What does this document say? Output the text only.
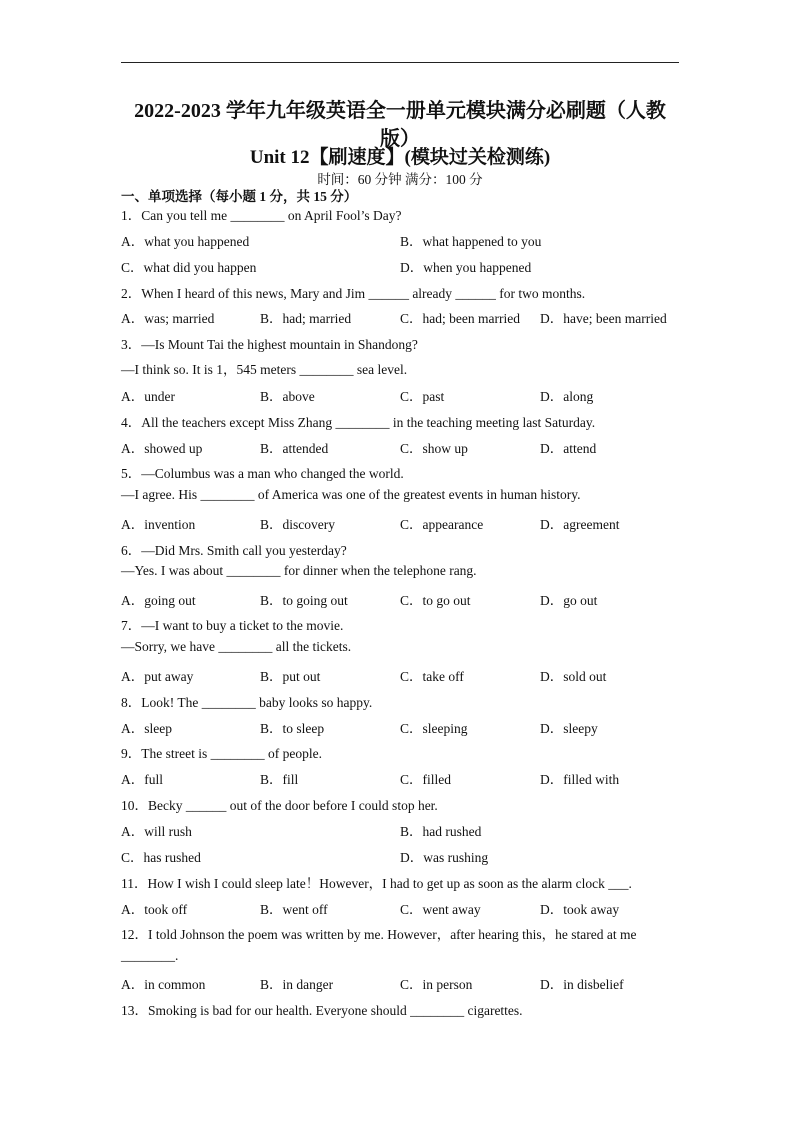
2022-2023 学年九年级英语全一册单元模块满分必刷题（人教
版）
Unit 12【刷速度】(模块过关检测练)
时间：60 分钟 满分：100 分
一、单项选择（每小题 1 分，共 15 分）
1．Can you tell me ________ on April Fool’s Day?
A．what you happened	B．what happened to you
C．what did you happen	D．when you happened
2．When I heard of this news, Mary and Jim ______ already ______ for two months.
A．was; married	B．had; married	C．had; been married D．have; been married
3．—Is Mount Tai the highest mountain in Shandong?
—I think so. It is 1，545 meters ________ sea level.
A．under	B．above	C．past	D．along
4．All the teachers except Miss Zhang ________ in the teaching meeting last Saturday.
A．showed up	B．attended	C．show up	D．attend
5．—Columbus was a man who changed the world.
—I agree. His ________ of America was one of the greatest events in human history.
A．invention	B．discovery	C．appearance	D．agreement
6．—Did Mrs. Smith call you yesterday?
—Yes. I was about ________ for dinner when the telephone rang.
A．going out	B．to going out	C．to go out	D．go out
7．—I want to buy a ticket to the movie.
—Sorry, we have ________ all the tickets.
A．put away	B．put out	C．take off	D．sold out
8．Look! The ________ baby looks so happy.
A．sleep	B．to sleep	C．sleeping	D．sleepy
9．The street is ________ of people.
A．full	B．fill	C．filled	D．filled with
10．Becky ______ out of the door before I could stop her.
A．will rush	B．had rushed
C．has rushed	D．was rushing
11．How I wish I could sleep late！However，I had to get up as soon as the alarm clock ___.
A．took off	B．went off	C．went away	D．took away
12．I told Johnson the poem was written by me. However，after hearing this，he stared at me
________.
A．in common	B．in danger	C．in person	D．in disbelief
13．Smoking is bad for our health. Everyone should ________ cigarettes.
